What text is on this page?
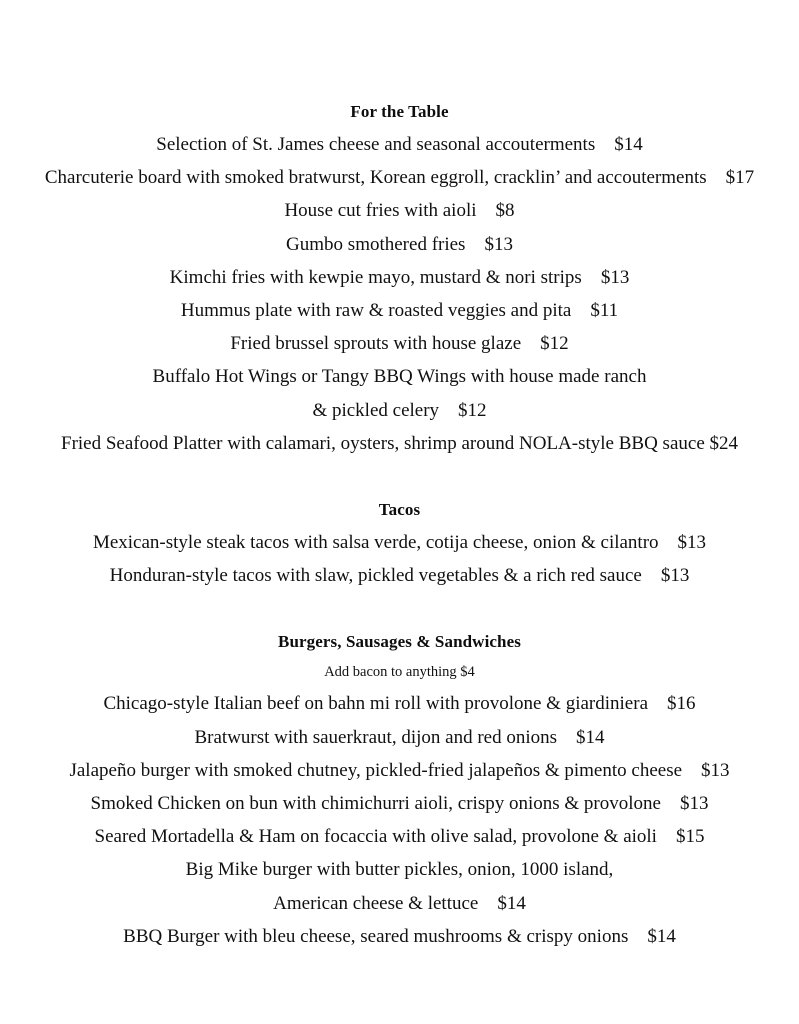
For the Table
Selection of St. James cheese and seasonal accouterments $14
Charcuterie board with smoked bratwurst, Korean eggroll, cracklin’ and accouterments $17
House cut fries with aioli $8
Gumbo smothered fries $13
Kimchi fries with kewpie mayo, mustard & nori strips $13
Hummus plate with raw & roasted veggies and pita $11
Fried brussel sprouts with house glaze $12
Buffalo Hot Wings or Tangy BBQ Wings with house made ranch
& pickled celery $12
Fried Seafood Platter with calamari, oysters, shrimp around NOLA-style BBQ sauce $24
Tacos
Mexican-style steak tacos with salsa verde, cotija cheese, onion & cilantro $13
Honduran-style tacos with slaw, pickled vegetables & a rich red sauce $13
Burgers, Sausages & Sandwiches
Add bacon to anything $4
Chicago-style Italian beef on bahn mi roll with provolone & giardiniera $16
Bratwurst with sauerkraut, dijon and red onions $14
Jalapeño burger with smoked chutney, pickled-fried jalapeños & pimento cheese $13
Smoked Chicken on bun with chimichurri aioli, crispy onions & provolone $13
Seared Mortadella & Ham on focaccia with olive salad, provolone & aioli $15
Big Mike burger with butter pickles, onion, 1000 island,
American cheese & lettuce $14
BBQ Burger with bleu cheese, seared mushrooms & crispy onions $14
